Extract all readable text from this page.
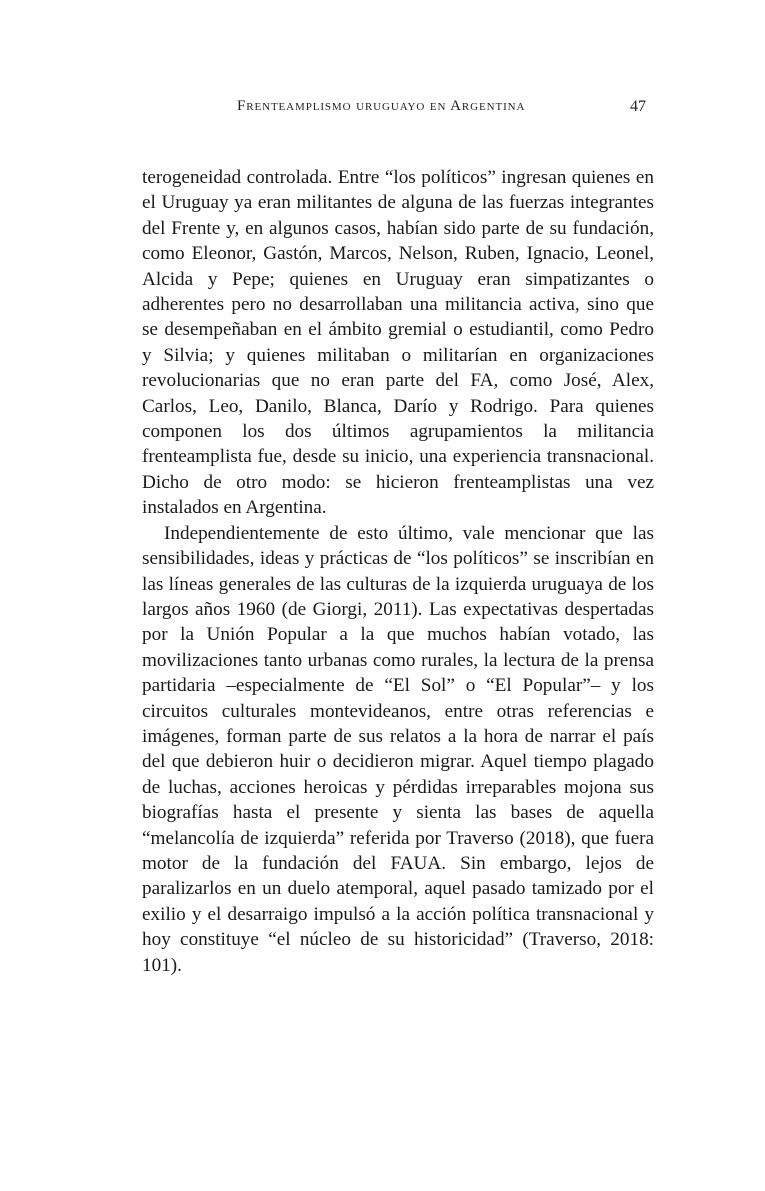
Frenteamplismo uruguayo en Argentina	47

terogeneidad controlada. Entre “los políticos” ingresan quienes en el Uruguay ya eran militantes de alguna de las fuerzas integrantes del Frente y, en algunos casos, habían sido parte de su fundación, como Eleonor, Gastón, Marcos, Nelson, Ruben, Ignacio, Leonel, Alcida y Pepe; quienes en Uruguay eran simpatizantes o adherentes pero no desarrollaban una militancia activa, sino que se desempeñaban en el ámbito gremial o estudiantil, como Pedro y Silvia; y quienes militaban o militarían en organizaciones revolucionarias que no eran parte del FA, como José, Alex, Carlos, Leo, Danilo, Blanca, Darío y Rodrigo. Para quienes componen los dos últimos agrupamientos la militancia frenteamplista fue, desde su inicio, una experiencia transnacional. Dicho de otro modo: se hicieron frenteamplistas una vez instalados en Argentina.

Independientemente de esto último, vale mencionar que las sensibilidades, ideas y prácticas de “los políticos” se inscribían en las líneas generales de las culturas de la izquierda uruguaya de los largos años 1960 (de Giorgi, 2011). Las expectativas despertadas por la Unión Popular a la que muchos habían votado, las movilizaciones tanto urbanas como rurales, la lectura de la prensa partidaria –especialmente de “El Sol” o “El Popular”– y los circuitos culturales montevideanos, entre otras referencias e imágenes, forman parte de sus relatos a la hora de narrar el país del que debieron huir o decidieron migrar. Aquel tiempo plagado de luchas, acciones heroicas y pérdidas irreparables mojona sus biografías hasta el presente y sienta las bases de aquella “melancolía de izquierda” referida por Traverso (2018), que fuera motor de la fundación del FAUA. Sin embargo, lejos de paralizarlos en un duelo atemporal, aquel pasado tamizado por el exilio y el desarraigo impulsó a la acción política transnacional y hoy constituye “el núcleo de su historicidad” (Traverso, 2018: 101).
